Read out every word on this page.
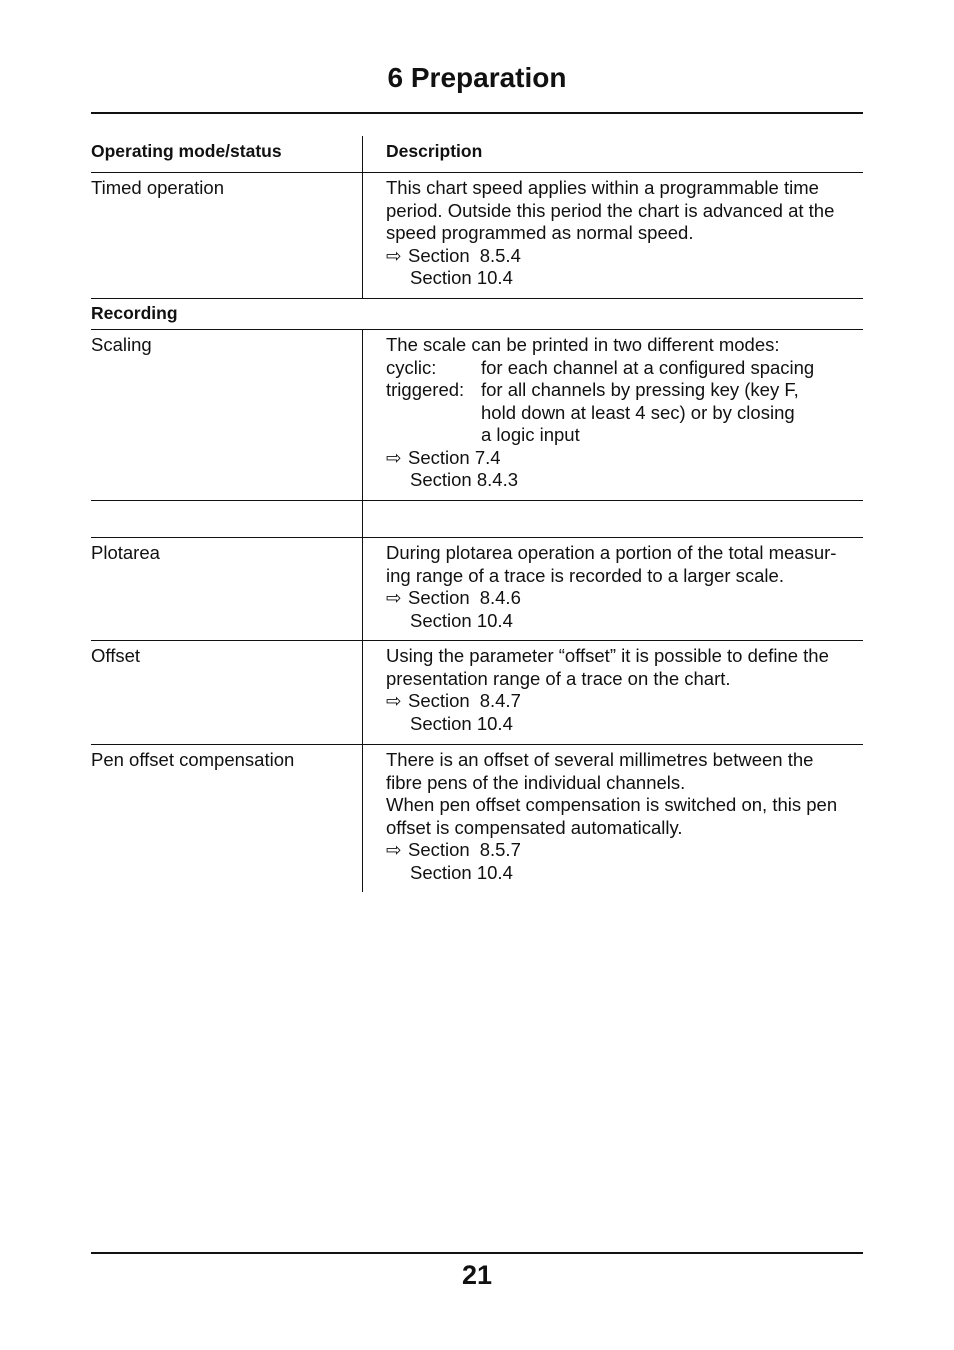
6 Preparation
Operating mode/status	Description
Timed operation	This chart speed applies within a programmable time
period. Outside this period the chart is advanced at the
speed programmed as normal speed.
⇨ Section 8.5.4
Section 10.4
Recording
Scaling	The scale can be printed in two different modes:
cyclic: for each channel at a configured spacing
triggered: for all channels by pressing key (key F,
hold down at least 4 sec) or by closing
a logic input
⇨ Section 7.4
Section 8.4.3
Plotarea	During plotarea operation a portion of the total measur-
ing range of a trace is recorded to a larger scale.
⇨ Section 8.4.6
Section 10.4
Offset	Using the parameter “offset” it is possible to define the
presentation range of a trace on the chart.
⇨ Section 8.4.7
Section 10.4
Pen offset compensation	There is an offset of several millimetres between the
fibre pens of the individual channels.
When pen offset compensation is switched on, this pen
offset is compensated automatically.
⇨ Section 8.5.7
Section 10.4
21
